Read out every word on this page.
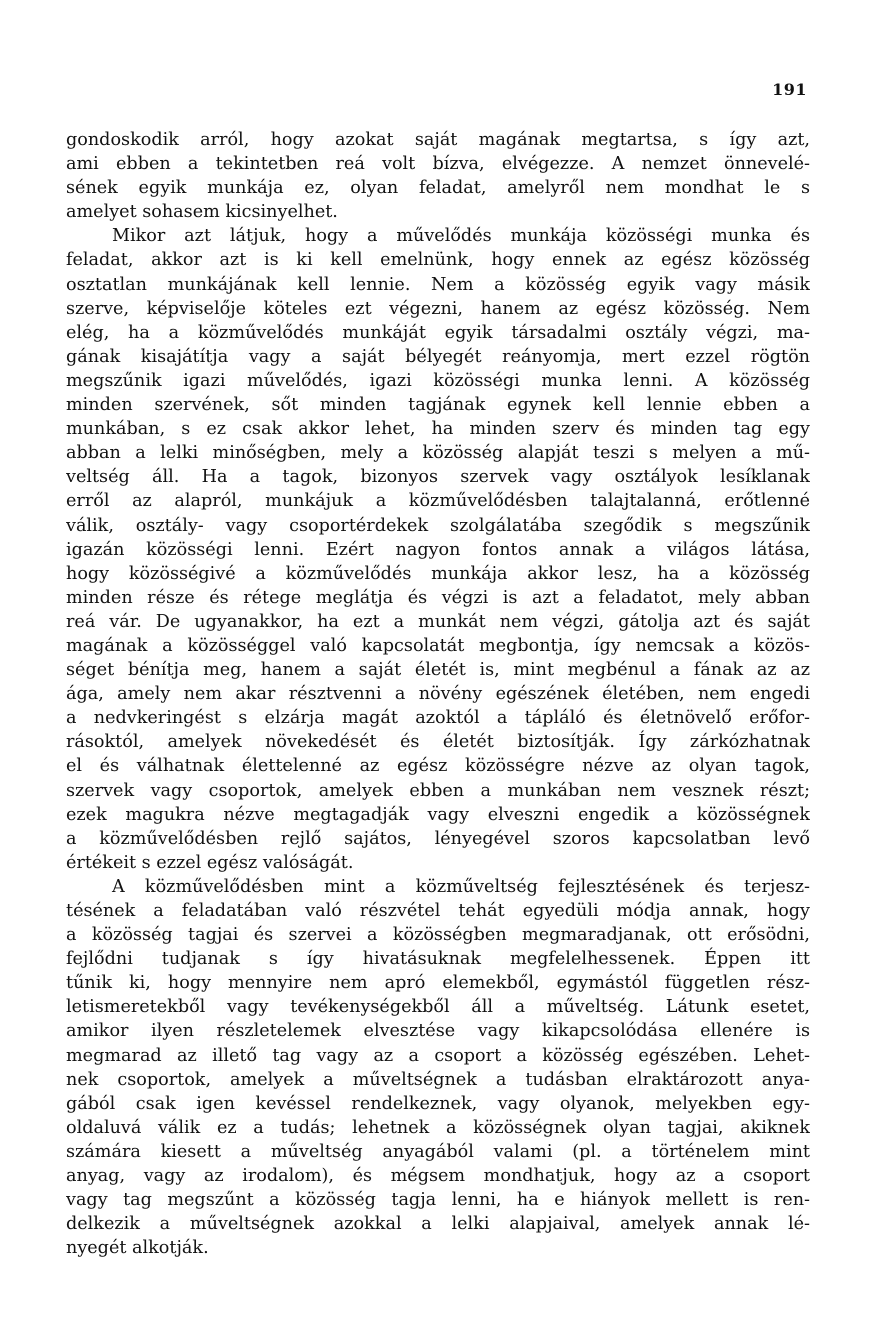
191
gondoskodik arról, hogy azokat saját magának megtartsa, s így azt,
ami ebben a tekintetben reá volt bízva, elvégezze. A nemzet önnevelé-
sének egyik munkája ez, olyan feladat, amelyről nem mondhat le s
amelyet sohasem kicsinyelhet.
Mikor azt látjuk, hogy a művelődés munkája közösségi munka és
feladat, akkor azt is ki kell emelnünk, hogy ennek az egész közösség
osztatlan munkájának kell lennie. Nem a közösség egyik vagy másik
szerve, képviselője köteles ezt végezni, hanem az egész közösség. Nem
elég, ha a közművelődés munkáját egyik társadalmi osztály végzi, ma-
gának kisajátítja vagy a saját bélyegét reányomja, mert ezzel rögtön
megszűnik igazi művelődés, igazi közösségi munka lenni. A közösség
minden szervének, sőt minden tagjának egynek kell lennie ebben a
munkában, s ez csak akkor lehet, ha minden szerv és minden tag egy
abban a lelki minőségben, mely a közösség alapját teszi s melyen a mű-
veltség áll. Ha a tagok, bizonyos szervek vagy osztályok lesíklanak
erről az alapról, munkájuk a közművelődésben talajtalanná, erőtlenné
válik, osztály- vagy csoportérdekek szolgálatába szegődik s megszűnik
igazán közösségi lenni. Ezért nagyon fontos annak a világos látása,
hogy közösségivé a közművelődés munkája akkor lesz, ha a közösség
minden része és rétege meglátja és végzi is azt a feladatot, mely abban
reá vár. De ugyanakkor, ha ezt a munkát nem végzi, gátolja azt és saját
magának a közösséggel való kapcsolatát megbontja, így nemcsak a közös-
séget bénítja meg, hanem a saját életét is, mint megbénul a fának az az
ága, amely nem akar résztvenni a növény egészének életében, nem engedi
a nedvkeringést s elzárja magát azoktól a tápláló és életnövelő erőfor-
rásoktól, amelyek növekedését és életét biztosítják. Így zárkózhatnak
el és válhatnak élettelenné az egész közösségre nézve az olyan tagok,
szervek vagy csoportok, amelyek ebben a munkában nem vesznek részt;
ezek magukra nézve megtagadják vagy elveszni engedik a közösségnek
a közművelődésben rejlő sajátos, lényegével szoros kapcsolatban levő
értékeit s ezzel egész valóságát.
A közművelődésben mint a közműveltség fejlesztésének és terjesz-
tésének a feladatában való részvétel tehát egyedüli módja annak, hogy
a közösség tagjai és szervei a közösségben megmaradjanak, ott erősödni,
fejlődni tudjanak s így hivatásuknak megfelelhessenek. Éppen itt
tűnik ki, hogy mennyire nem apró elemekből, egymástól független rész-
letismeretekből vagy tevékenységekből áll a műveltség. Látunk esetet,
amikor ilyen részletelemek elvesztése vagy kikapcsolódása ellenére is
megmarad az illető tag vagy az a csoport a közösség egészében. Lehet-
nek csoportok, amelyek a műveltségnek a tudásban elraktározott anya-
gából csak igen kevéssel rendelkeznek, vagy olyanok, melyekben egy-
oldaluvá válik ez a tudás; lehetnek a közösségnek olyan tagjai, akiknek
számára kiesett a műveltség anyagából valami (pl. a történelem mint
anyag, vagy az irodalom), és mégsem mondhatjuk, hogy az a csoport
vagy tag megszűnt a közösség tagja lenni, ha e hiányok mellett is ren-
delkezik a műveltségnek azokkal a lelki alapjaival, amelyek annak lé-
nyegét alkotják.
